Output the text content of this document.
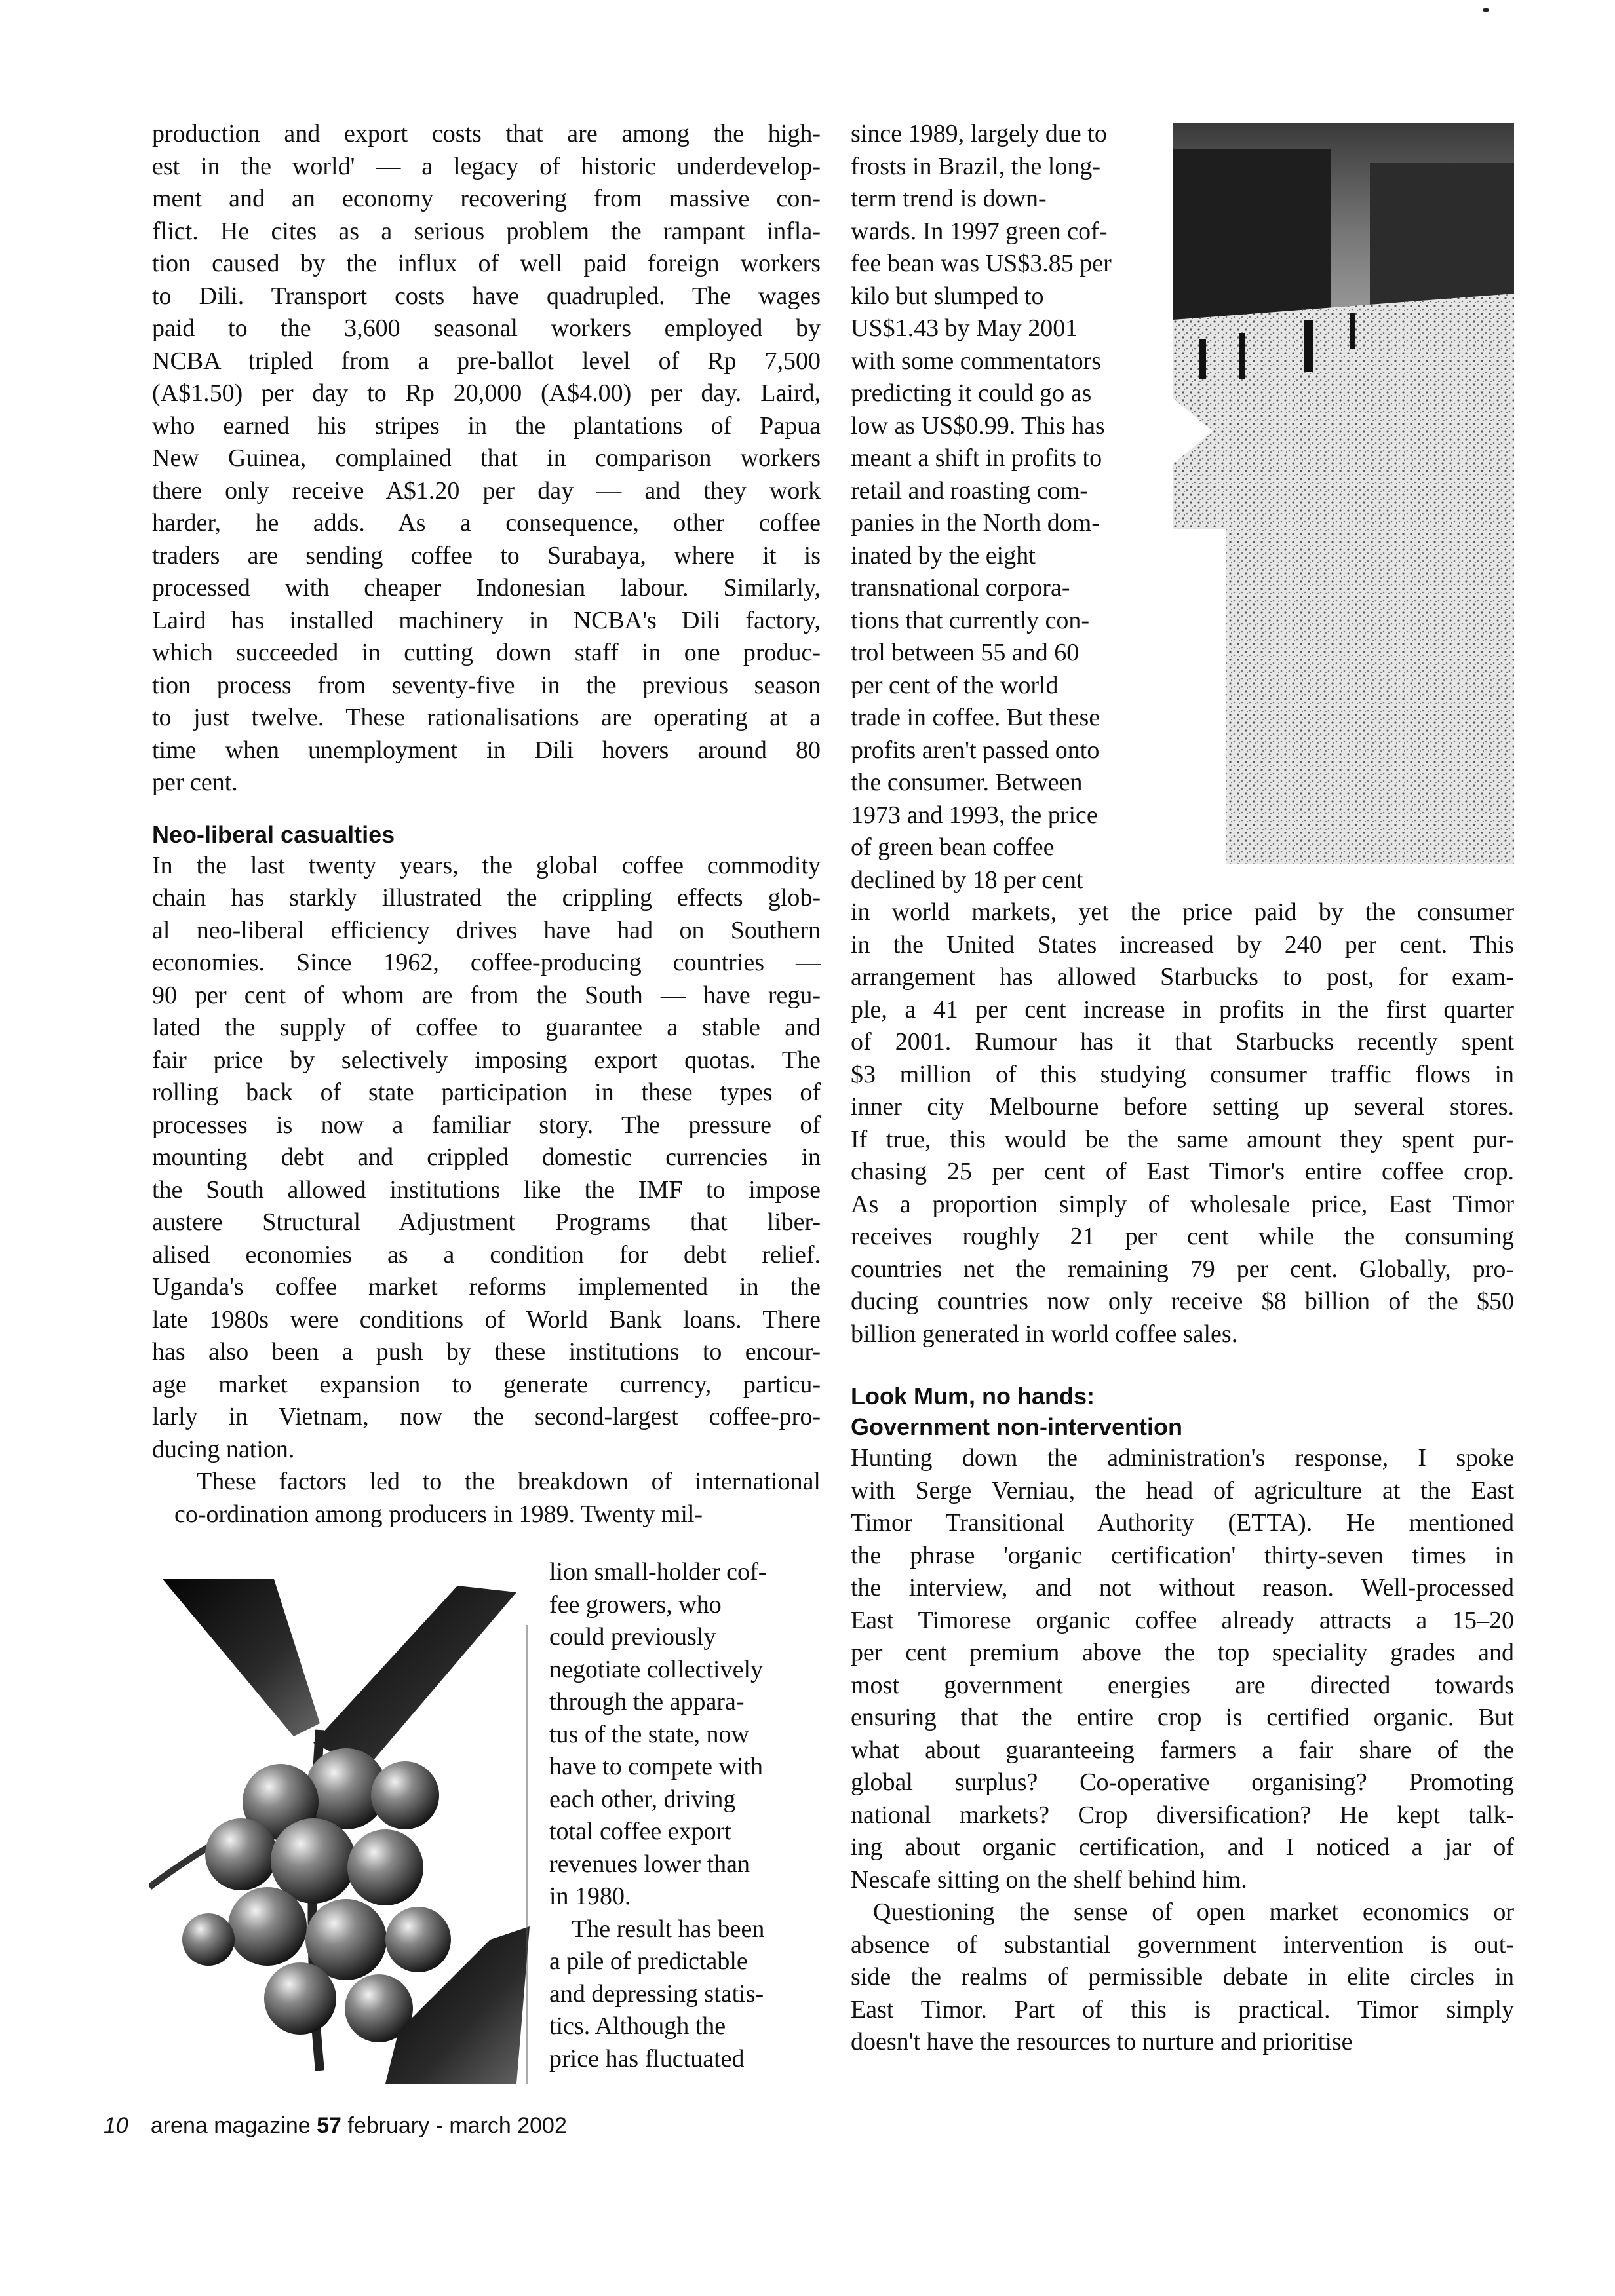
production and export costs that are among the high-
est in the world' — a legacy of historic underdevelop-
ment and an economy recovering from massive con-
flict. He cites as a serious problem the rampant infla-
tion caused by the influx of well paid foreign workers
to Dili. Transport costs have quadrupled. The wages
paid to the 3,600 seasonal workers employed by
NCBA tripled from a pre-ballot level of Rp 7,500
(A$1.50) per day to Rp 20,000 (A$4.00) per day. Laird,
who earned his stripes in the plantations of Papua
New Guinea, complained that in comparison workers
there only receive A$1.20 per day — and they work
harder, he adds. As a consequence, other coffee
traders are sending coffee to Surabaya, where it is
processed with cheaper Indonesian labour. Similarly,
Laird has installed machinery in NCBA's Dili factory,
which succeeded in cutting down staff in one produc-
tion process from seventy-five in the previous season
to just twelve. These rationalisations are operating at a
time when unemployment in Dili hovers around 80
per cent.

Neo-liberal casualties

In the last twenty years, the global coffee commodity
chain has starkly illustrated the crippling effects glob-
al neo-liberal efficiency drives have had on Southern
economies. Since 1962, coffee-producing countries —
90 per cent of whom are from the South — have regu-
lated the supply of coffee to guarantee a stable and
fair price by selectively imposing export quotas. The
rolling back of state participation in these types of
processes is now a familiar story. The pressure of
mounting debt and crippled domestic currencies in
the South allowed institutions like the IMF to impose
austere Structural Adjustment Programs that liber-
alised economies as a condition for debt relief.
Uganda's coffee market reforms implemented in the
late 1980s were conditions of World Bank loans. There
has also been a push by these institutions to encour-
age market expansion to generate currency, particu-
larly in Vietnam, now the second-largest coffee-pro-
ducing nation.
These factors led to the breakdown of international
co-ordination among producers in 1989. Twenty mil-
lion small-holder cof-
fee growers, who
could previously
negotiate collectively
through the appara-
tus of the state, now
have to compete with
each other, driving
total coffee export
revenues lower than
in 1980.
The result has been
a pile of predictable
and depressing statis-
tics. Although the
price has fluctuated
since 1989, largely due to
frosts in Brazil, the long-
term trend is down-
wards. In 1997 green cof-
fee bean was US$3.85 per
kilo but slumped to
US$1.43 by May 2001
with some commentators
predicting it could go as
low as US$0.99. This has
meant a shift in profits to
retail and roasting com-
panies in the North dom-
inated by the eight
transnational corpora-
tions that currently con-
trol between 55 and 60
per cent of the world
trade in coffee. But these
profits aren't passed onto
the consumer. Between
1973 and 1993, the price
of green bean coffee
declined by 18 per cent
in world markets, yet the price paid by the consumer
in the United States increased by 240 per cent. This
arrangement has allowed Starbucks to post, for exam-
ple, a 41 per cent increase in profits in the first quarter
of 2001. Rumour has it that Starbucks recently spent
$3 million of this studying consumer traffic flows in
inner city Melbourne before setting up several stores.
If true, this would be the same amount they spent pur-
chasing 25 per cent of East Timor's entire coffee crop.
As a proportion simply of wholesale price, East Timor
receives roughly 21 per cent while the consuming
countries net the remaining 79 per cent. Globally, pro-
ducing countries now only receive $8 billion of the $50
billion generated in world coffee sales.

Look Mum, no hands:

Government non-intervention

Hunting down the administration's response, I spoke
with Serge Verniau, the head of agriculture at the East
Timor Transitional Authority (ETTA). He mentioned
the phrase 'organic certification' thirty-seven times in
the interview, and not without reason. Well-processed
East Timorese organic coffee already attracts a 15–20
per cent premium above the top speciality grades and
most government energies are directed towards
ensuring that the entire crop is certified organic. But
what about guaranteeing farmers a fair share of the
global surplus? Co-operative organising? Promoting
national markets? Crop diversification? He kept talk-
ing about organic certification, and I noticed a jar of
Nescafe sitting on the shelf behind him.
Questioning the sense of open market economics or
absence of substantial government intervention is out-
side the realms of permissible debate in elite circles in
East Timor. Part of this is practical. Timor simply
doesn't have the resources to nurture and prioritise
10 arena magazine 57 february - march 2002
